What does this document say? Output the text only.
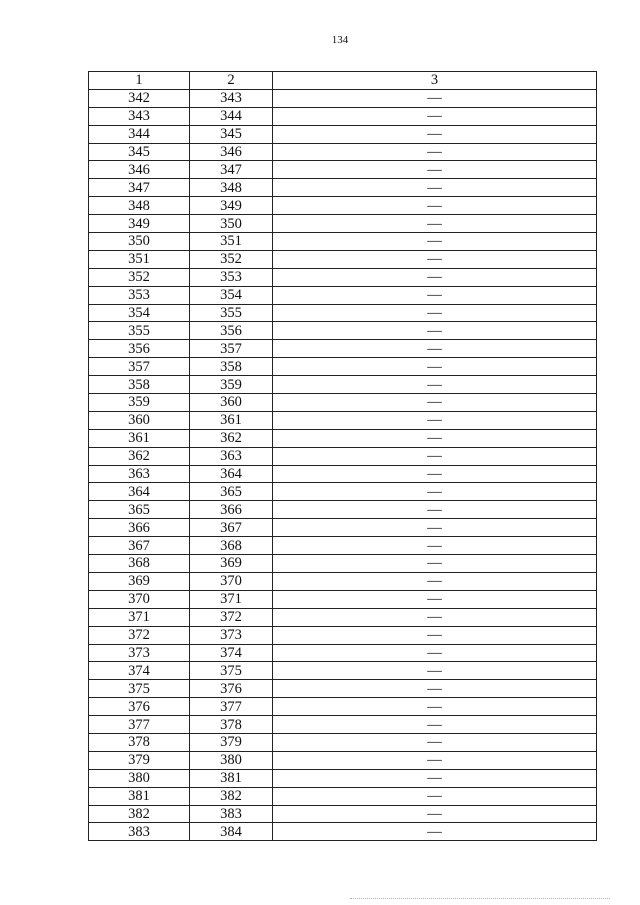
134
1	2	3
342	343	—
343	344	—
344	345	—
345	346	—
346	347	—
347	348	—
348	349	—
349	350	—
350	351	—
351	352	—
352	353	—
353	354	—
354	355	—
355	356	—
356	357	—
357	358	—
358	359	—
359	360	—
360	361	—
361	362	—
362	363	—
363	364	—
364	365	—
365	366	—
366	367	—
367	368	—
368	369	—
369	370	—
370	371	—
371	372	—
372	373	—
373	374	—
374	375	—
375	376	—
376	377	—
377	378	—
378	379	—
379	380	—
380	381	—
381	382	—
382	383	—
383	384	—
